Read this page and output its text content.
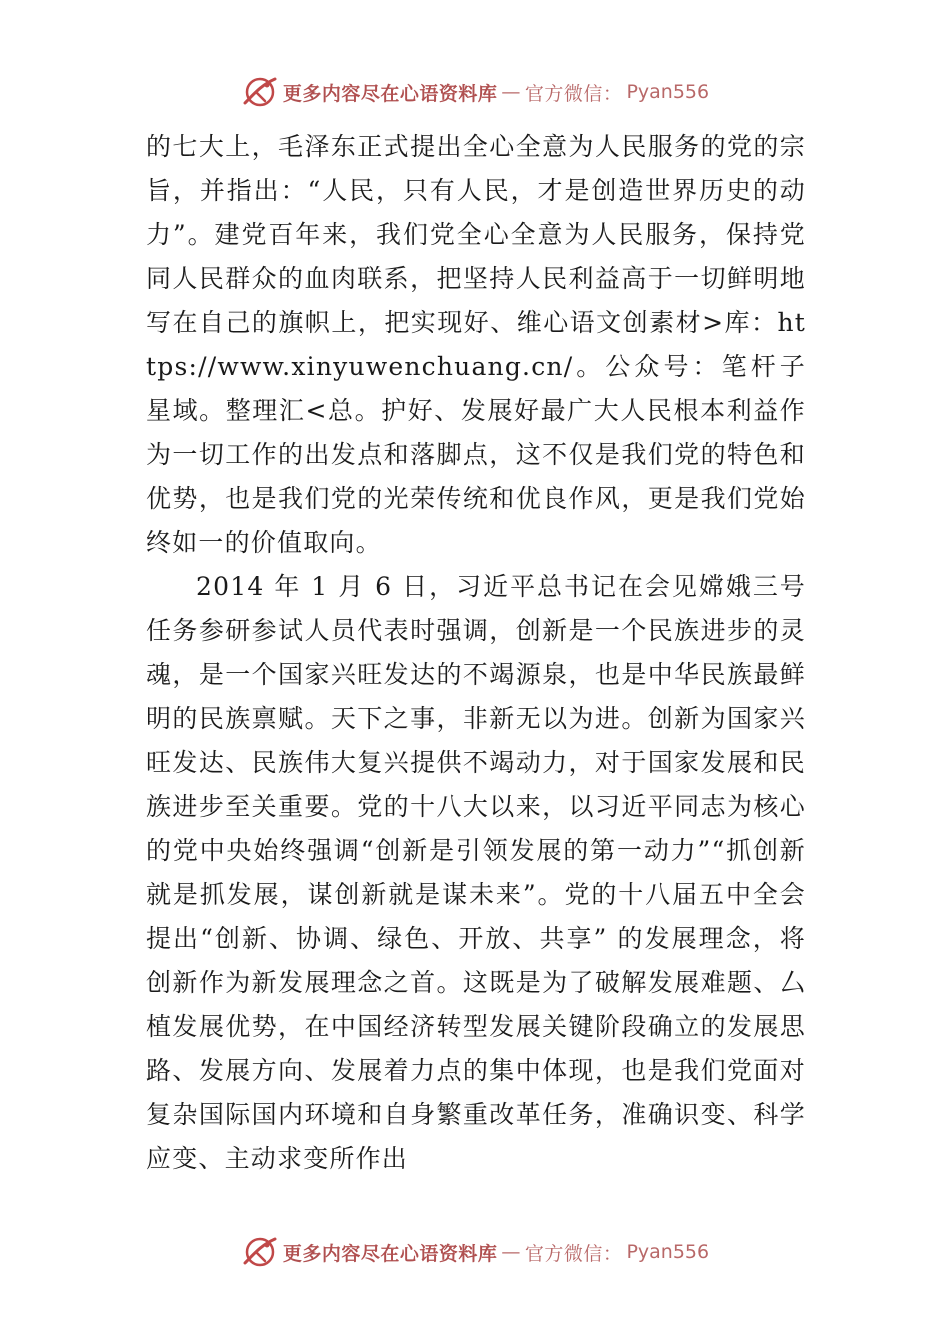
更多内容尽在心语资料库 — 官方微信： Pyan556

的七大上，毛泽东正式提出全心全意为人民服务的党的宗旨，并指出：“人民，只有人民，才是创造世界历史的动力”。建党百年来，我们党全心全意为人民服务，保持党同人民群众的血肉联系，把坚持人民利益高于一切鲜明地写在自己的旗帜上，把实现好、维心语文创素材>库：https://www.xinyuwenchuang.cn/。公众号：笔杆子星域。整理汇<总。护好、发展好最广大人民根本利益作为一切工作的出发点和落脚点，这不仅是我们党的特色和优势，也是我们党的光荣传统和优良作风，更是我们党始终如一的价值取向。

2014 年 1 月 6 日，习近平总书记在会见嫦娥三号任务参研参试人员代表时强调，创新是一个民族进步的灵魂，是一个国家兴旺发达的不竭源泉，也是中华民族最鲜明的民族禀赋。天下之事，非新无以为进。创新为国家兴旺发达、民族伟大复兴提供不竭动力，对于国家发展和民族进步至关重要。党的十八大以来，以习近平同志为核心的党中央始终强调“创新是引领发展的第一动力”“抓创新就是抓发展，谋创新就是谋未来”。党的十八届五中全会提出“创新、协调、绿色、开放、共享” 的发展理念，将创新作为新发展理念之首。这既是为了破解发展难题、⼛植发展优势，在中国经济转型发展关键阶段确立的发展思路、发展方向、发展着力点的集中体现，也是我们党面对复杂国际国内环境和自身繁重改革任务，准确识变、科学应变、主动求变所作出

更多内容尽在心语资料库 — 官方微信： Pyan556
